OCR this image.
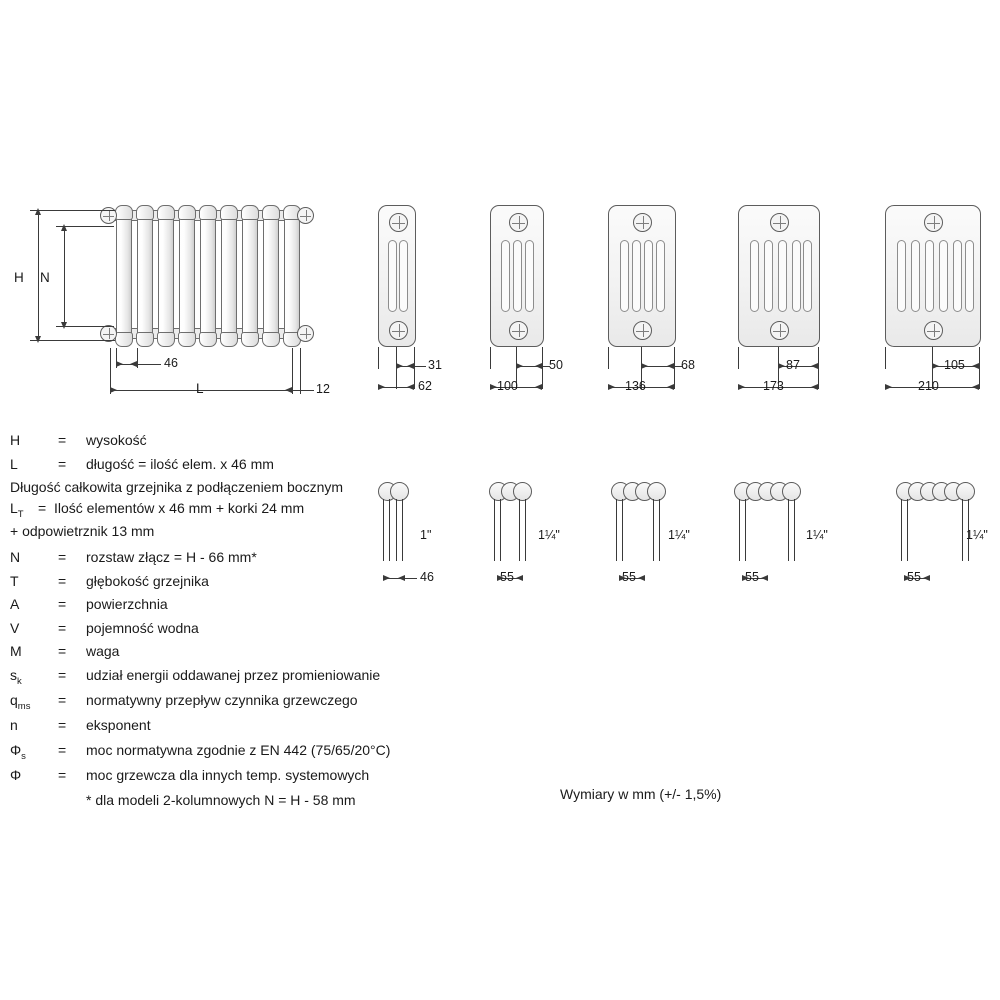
H N
46
L	12
31
62
50
100
68
136
87
173
105
210
1"
46
1¼"
55
1¼"
55
1¼"
55
1¼"
55
H	= wysokość
L	= długość = ilość elem. x 46 mm
Długość całkowita grzejnika z podłączeniem bocznym
$L_T$ = Ilość elementów x 46 mm + korki 24 mm
+ odpowietrznik 13 mm
N	= rozstaw złącz = H - 66 mm*
T	= głębokość grzejnika
A	= powierzchnia
V	= pojemność wodna
M	= waga
$s_k$	= udział energii oddawanej przez promieniowanie
$q_{ms}$ = normatywny przepływ czynnika grzewczego
n	= eksponent
$\Phi_s$ = moc normatywna zgodnie z EN 442 (75/65/20°C)
Φ	= moc grzewcza dla innych temp. systemowych
* dla modeli 2-kolumnowych N = H - 58 mm	Wymiary w mm (+/- 1,5%)
